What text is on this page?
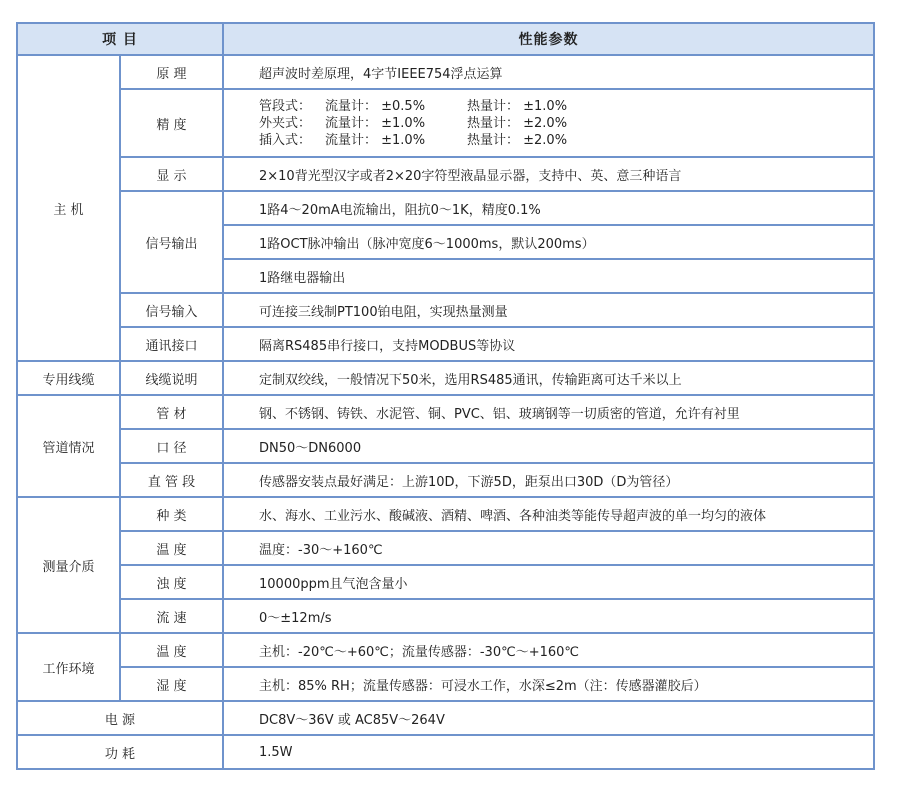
项 目		性能参数
主 机	原 理	超声波时差原理，4字节IEEE754浮点运算
	精 度	管段式： 流量计： ±0.5% 热量计： ±1.0%
外夹式： 流量计： ±1.0% 热量计： ±2.0%
插入式： 流量计： ±1.0% 热量计： ±2.0%

	显 示	2×10背光型汉字或者2×20字符型液晶显示器，支持中、英、意三种语言
	信号输出	1路4～20mA电流输出，阻抗0～1K，精度0.1%
		1路OCT脉冲输出（脉冲宽度6～1000ms，默认200ms）
		1路继电器输出
	信号输入	可连接三线制PT100铂电阻，实现热量测量
	通讯接口	隔离RS485串行接口，支持MODBUS等协议
专用线缆	线缆说明	定制双绞线，一般情况下50米，选用RS485通讯，传输距离可达千米以上
管道情况	管 材	钢、不锈钢、铸铁、水泥管、铜、PVC、铝、玻璃钢等一切质密的管道，允许有衬里
	口 径	DN50～DN6000
	直 管 段	传感器安装点最好满足：上游10D，下游5D，距泵出口30D（D为管径）
测量介质	种 类	水、海水、工业污水、酸碱液、酒精、啤酒、各种油类等能传导超声波的单一均匀的液体
	温 度	温度：-30～+160℃
	浊 度	10000ppm且气泡含量小
	流 速	0～±12m/s
工作环境	温 度	主机：-20℃～+60℃；流量传感器：-30℃～+160℃
	湿 度	主机：85% RH；流量传感器：可浸水工作，水深≤2m（注：传感器灌胶后）
电 源		DC8V～36V 或 AC85V～264V
功 耗		1.5W
